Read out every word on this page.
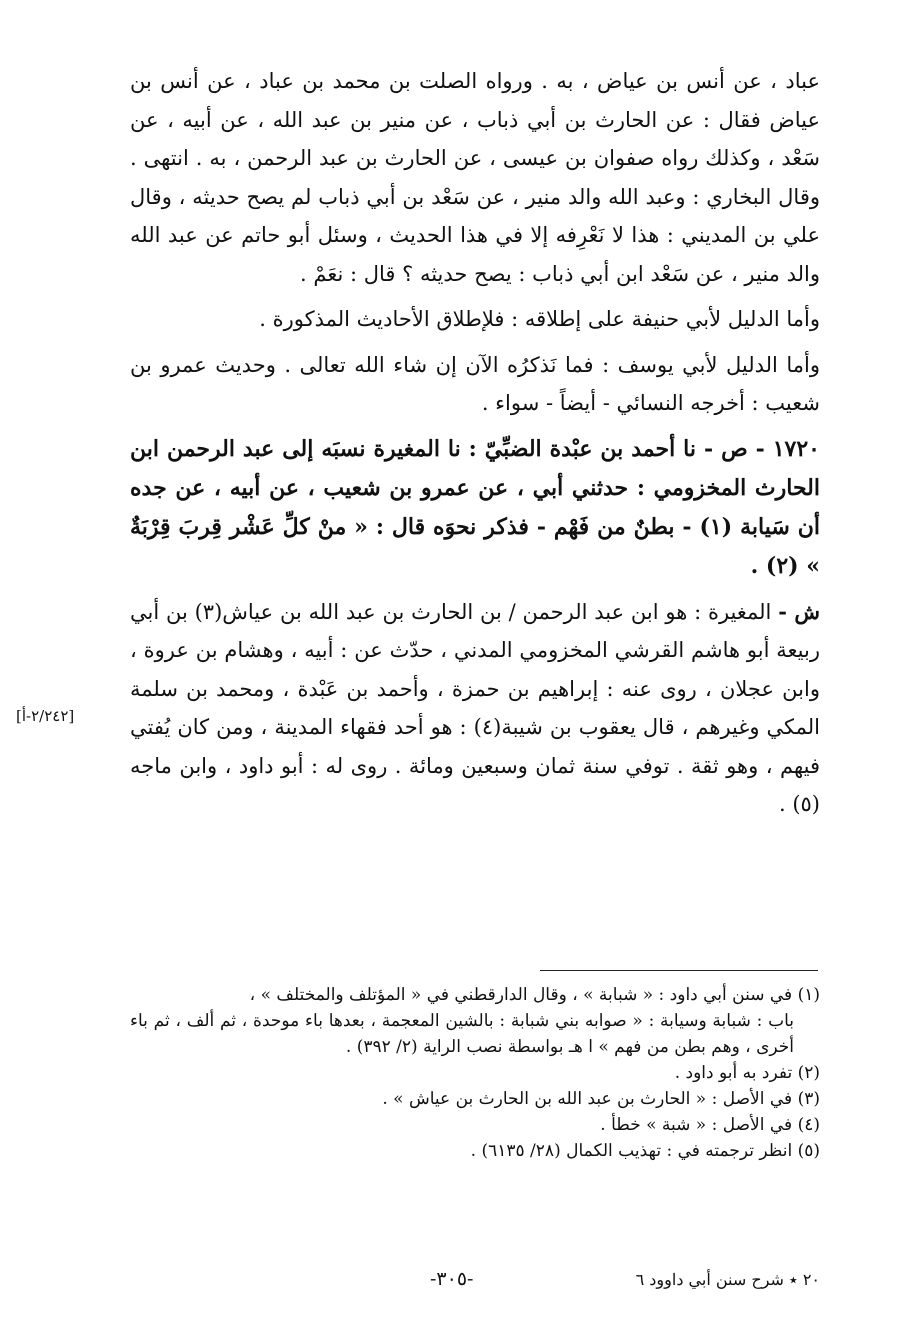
عباد ، عن أنس بن عياض ، به . ورواه الصلت بن محمد بن عباد ، عن أنس بن عياض فقال : عن الحارث بن أبي ذباب ، عن منير بن عبد الله ، عن أبيه ، عن سَعْد ، وكذلك رواه صفوان بن عيسى ، عن الحارث بن عبد الرحمن ، به . انتهى . وقال البخاري : وعبد الله والد منير ، عن سَعْد بن أبي ذباب لم يصح حديثه ، وقال علي بن المديني : هذا لا نَعْرِفه إلا في هذا الحديث ، وسئل أبو حاتم عن عبد الله والد منير ، عن سَعْد ابن أبي ذباب : يصح حديثه ؟ قال : نعَمْ .

وأما الدليل لأبي حنيفة على إطلاقه : فلإطلاق الأحاديث المذكورة .

وأما الدليل لأبي يوسف : فما نَذكرُه الآن إن شاء الله تعالى . وحديث عمرو بن شعيب : أخرجه النسائي - أيضاً - سواء .

١٧٢٠ - ص - نا أحمد بن عبْدة الضبِّيّ : نا المغيرة نسبَه إلى عبد الرحمن ابن الحارث المخزومي : حدثني أبي ، عن عمرو بن شعيب ، عن أبيه ، عن جده أن سَيابة (١) - بطنٌ من فَهْم - فذكر نحوَه قال : « منْ كلِّ عَشْر قِربَ قِرْبَةٌ » (٢) .

ش - المغيرة : هو ابن عبد الرحمن / بن الحارث بن عبد الله بن عياش(٣) بن أبي ربيعة أبو هاشم القرشي المخزومي المدني ، حدّث عن : أبيه ، وهشام بن عروة ، وابن عجلان ، روى عنه : إبراهيم بن حمزة ، وأحمد بن عَبْدة ، ومحمد بن سلمة المكي وغيرهم ، قال يعقوب بن شيبة(٤) : هو أحد فقهاء المدينة ، ومن كان يُفتي فيهم ، وهو ثقة . توفي سنة ثمان وسبعين ومائة . روى له : أبو داود ، وابن ماجه (٥) .

[٢/٢٤٢-أ]

(١) في سنن أبي داود : « شبابة » ، وقال الدارقطني في « المؤتلف والمختلف » ،

باب : شبابة وسيابة : « صوابه بني شبابة : بالشين المعجمة ، بعدها باء موحدة ، ثم ألف ، ثم باء أخرى ، وهم بطن من فهم » ا هـ بواسطة نصب الراية (٢/ ٣٩٢) .

(٢) تفرد به أبو داود .

(٣) في الأصل : « الحارث بن عبد الله بن الحارث بن عياش » .

(٤) في الأصل : « شبة » خطأ .

(٥) انظر ترجمته في : تهذيب الكمال (٢٨/ ٦١٣٥) .

-٣٠٥-	٢٠ ٭ شرح سنن أبي داوود ٦
